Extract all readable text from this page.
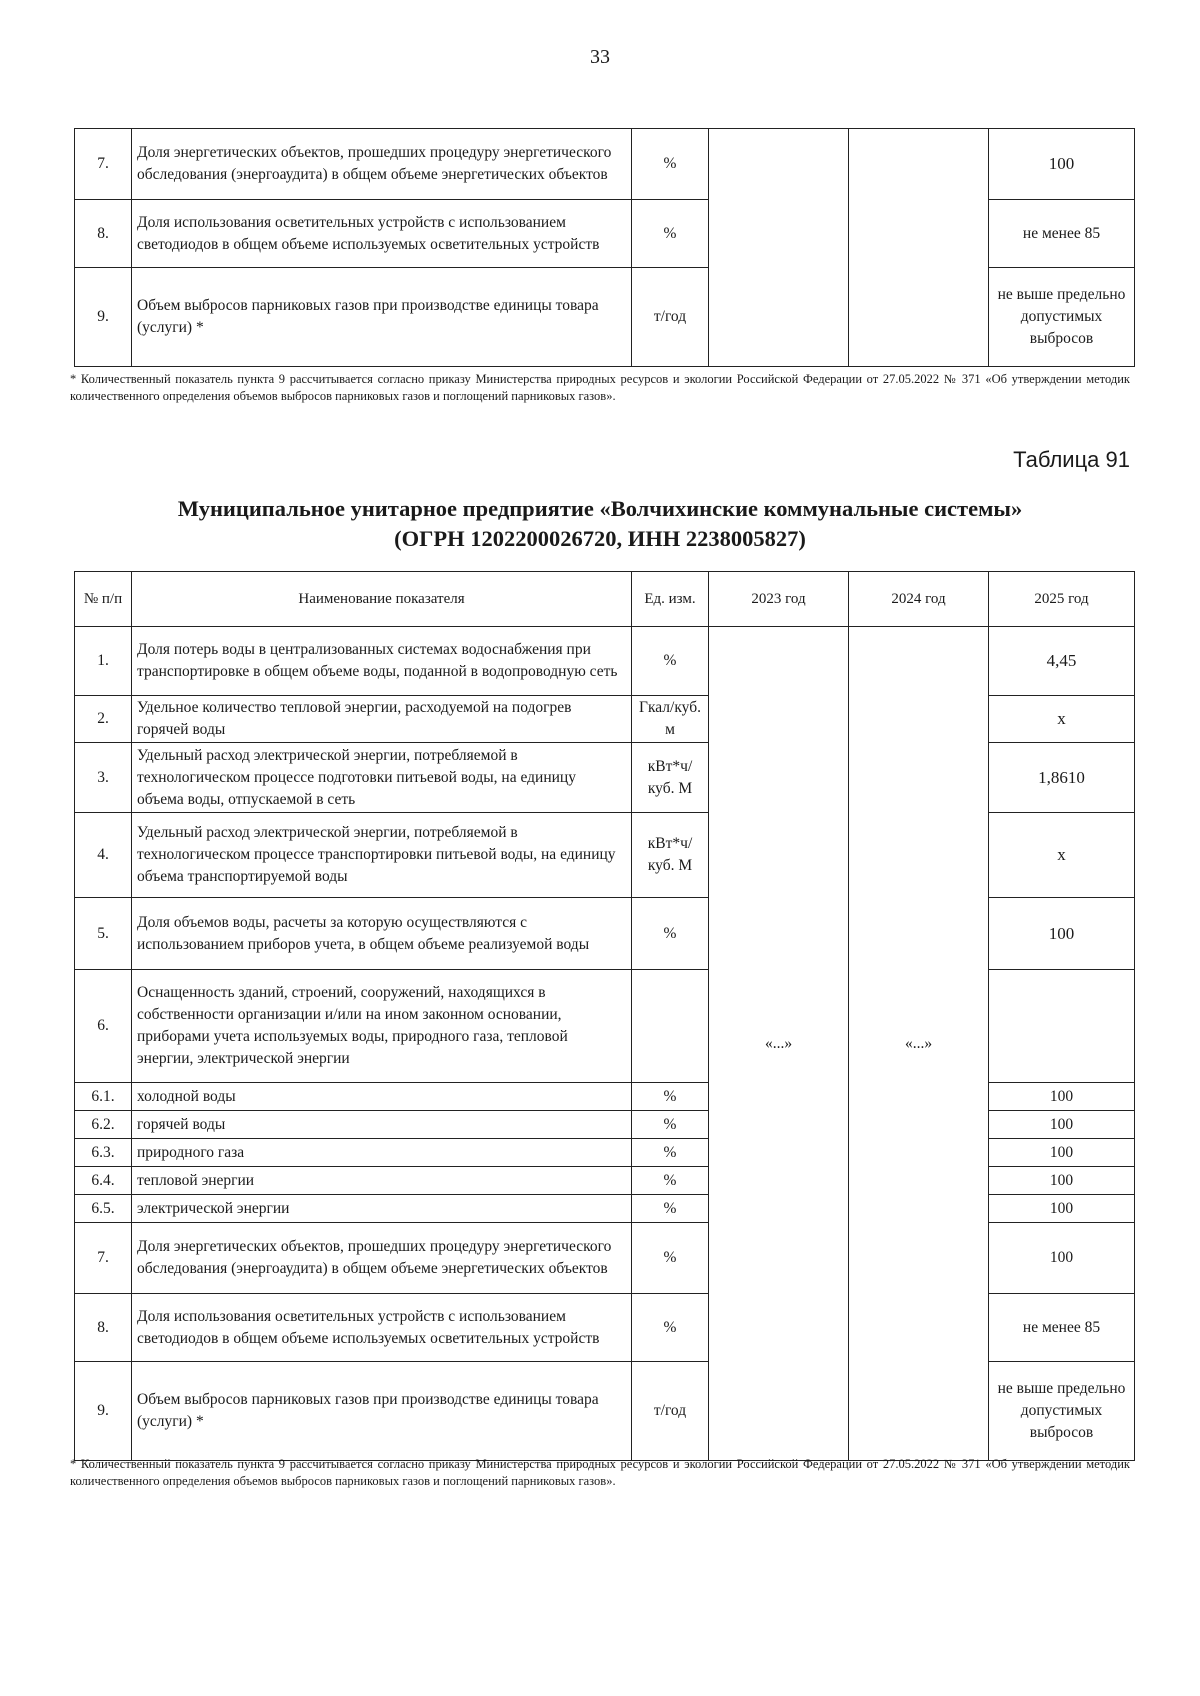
33
7.	Доля энергетических объектов, прошедших процедуру энергетического обследования (энергоаудита) в общем объеме энергетических объектов	%			100
8.	Доля использования осветительных устройств с использованием светодиодов в общем объеме используемых осветительных устройств	%			не менее 85
9.	Объем выбросов парниковых газов при производстве единицы товара (услуги) *	т/год			не выше предельно допустимых выбросов
* Количественный показатель пункта 9 рассчитывается согласно приказу Министерства природных ресурсов и экологии Российской Федерации от 27.05.2022 № 371 «Об утверждении методик количественного определения объемов выбросов парниковых газов и поглощений парниковых газов».
Таблица 91
Муниципальное унитарное предприятие «Волчихинские коммунальные системы»
(ОГРН 1202200026720, ИНН 2238005827)
№ п/п	Наименование показателя	Ед. изм.	2023 год	2024 год	2025 год
1.	Доля потерь воды в централизованных системах водоснабжения при транспортировке в общем объеме воды, поданной в водопроводную сеть	%	«...»	«...»	4,45
2.	Удельное количество тепловой энергии, расходуемой на подогрев горячей воды	Гкал/куб. м			х
3.	Удельный расход электрической энергии, потребляемой в технологическом процессе подготовки питьевой воды, на единицу объема воды, отпускаемой в сеть	кВт*ч/куб. М			1,8610
4.	Удельный расход электрической энергии, потребляемой в технологическом процессе транспортировки питьевой воды, на единицу объема транспортируемой воды	кВт*ч/куб. М			х
5.	Доля объемов воды, расчеты за которую осуществляются с использованием приборов учета, в общем объеме реализуемой воды	%			100
6.	Оснащенность зданий, строений, сооружений, находящихся в собственности организации и/или на ином законном основании, приборами учета используемых воды, природного газа, тепловой энергии, электрической энергии				
6.1.	холодной воды	%			100
6.2.	горячей воды	%			100
6.3.	природного газа	%			100
6.4.	тепловой энергии	%			100
6.5.	электрической энергии	%			100
7.	Доля энергетических объектов, прошедших процедуру энергетического обследования (энергоаудита) в общем объеме энергетических объектов	%			100
8.	Доля использования осветительных устройств с использованием светодиодов в общем объеме используемых осветительных устройств	%			не менее 85
9.	Объем выбросов парниковых газов при производстве единицы товара (услуги) *	т/год			не выше предельно допустимых выбросов
* Количественный показатель пункта 9 рассчитывается согласно приказу Министерства природных ресурсов и экологии Российской Федерации от 27.05.2022 № 371 «Об утверждении методик количественного определения объемов выбросов парниковых газов и поглощений парниковых газов».
